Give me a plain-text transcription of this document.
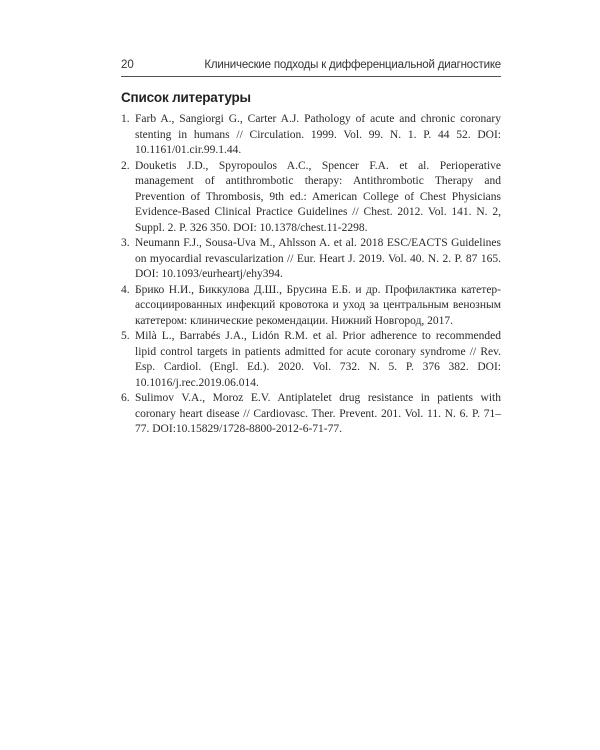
20	Клинические подходы к дифференциальной диагностике
Список литературы
1. Farb A., Sangiorgi G., Carter A.J. Pathology of acute and chronic coronary stenting in humans // Circulation. 1999. Vol. 99. N. 1. P. 44 52. DOI: 10.1161/01.cir.99.1.44.
2. Douketis J.D., Spyropoulos A.C., Spencer F.A. et al. Perioperative management of antithrombotic therapy: Antithrombotic Therapy and Prevention of Thrombosis, 9th ed.: American College of Chest Physicians Evidence-Based Clinical Practice Guidelines // Chest. 2012. Vol. 141. N. 2, Suppl. 2. P. 326 350. DOI: 10.1378/chest.11-2298.
3. Neumann F.J., Sousa-Uva M., Ahlsson A. et al. 2018 ESC/EACTS Guidelines on myocardial revascularization // Eur. Heart J. 2019. Vol. 40. N. 2. P. 87 165. DOI: 10.1093/eurheartj/ehy394.
4. Брико Н.И., Биккулова Д.Ш., Брусина Е.Б. и др. Профилактика катетер-ассоциированных инфекций кровотока и уход за центральным венозным катетером: клинические рекомендации. Нижний Новгород, 2017.
5. Milà L., Barrabés J.A., Lidón R.M. et al. Prior adherence to recommended lipid control targets in patients admitted for acute coronary syndrome // Rev. Esp. Cardiol. (Engl. Ed.). 2020. Vol. 732. N. 5. P. 376 382. DOI: 10.1016/j.rec.2019.06.014.
6. Sulimov V.A., Moroz E.V. Antiplatelet drug resistance in patients with coronary heart disease // Cardiovasc. Ther. Prevent. 201. Vol. 11. N. 6. P. 71–77. DOI:10.15829/1728-8800-2012-6-71-77.
